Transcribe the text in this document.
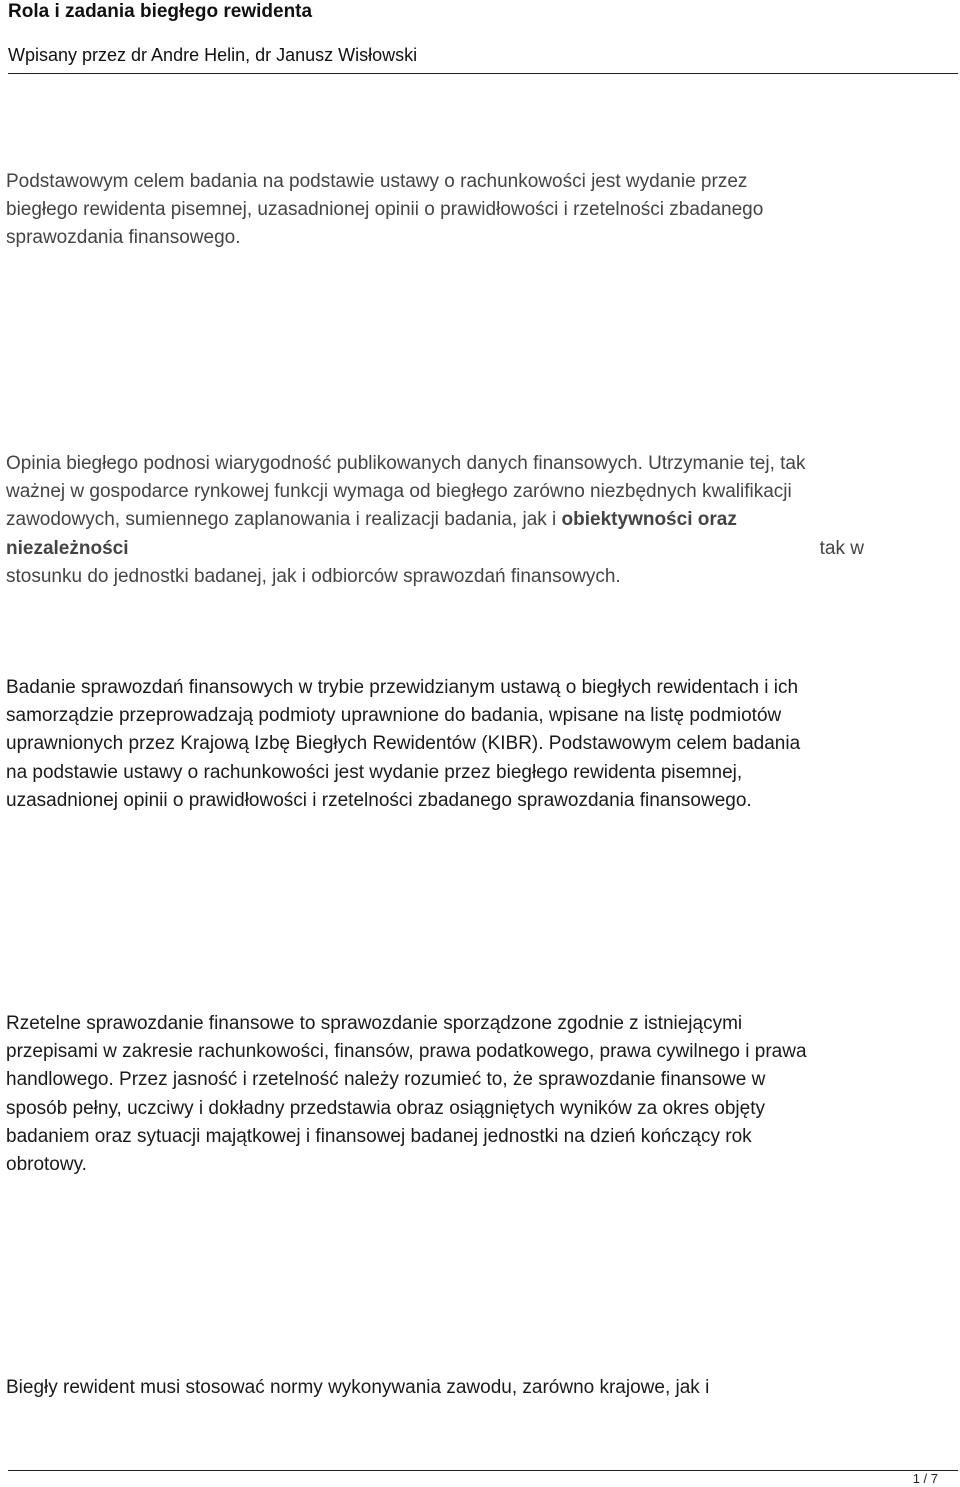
Rola i zadania biegłego rewidenta
Wpisany przez dr Andre Helin, dr Janusz Wisłowski

Podstawowym celem badania na podstawie ustawy o rachunkowości jest wydanie przez
biegłego rewidenta pisemnej, uzasadnionej opinii o prawidłowości i rzetelności zbadanego
sprawozdania finansowego.

Opinia biegłego podnosi wiarygodność publikowanych danych finansowych. Utrzymanie tej, tak
ważnej w gospodarce rynkowej funkcji wymaga od biegłego zarówno niezbędnych kwalifikacji
zawodowych, sumiennego zaplanowania i realizacji badania, jak i obiektywności oraz
niezależności	tak w
stosunku do jednostki badanej, jak i odbiorców sprawozdań finansowych.

Badanie sprawozdań finansowych w trybie przewidzianym ustawą o biegłych rewidentach i ich
samorządzie przeprowadzają podmioty uprawnione do badania, wpisane na listę podmiotów
uprawnionych przez Krajową Izbę Biegłych Rewidentów (KIBR). Podstawowym celem badania
na podstawie ustawy o rachunkowości jest wydanie przez biegłego rewidenta pisemnej,
uzasadnionej opinii o prawidłowości i rzetelności zbadanego sprawozdania finansowego.

Rzetelne sprawozdanie finansowe to sprawozdanie sporządzone zgodnie z istniejącymi
przepisami w zakresie rachunkowości, finansów, prawa podatkowego, prawa cywilnego i prawa
handlowego. Przez jasność i rzetelność należy rozumieć to, że sprawozdanie finansowe w
sposób pełny, uczciwy i dokładny przedstawia obraz osiągniętych wyników za okres objęty
badaniem oraz sytuacji majątkowej i finansowej badanej jednostki na dzień kończący rok
obrotowy.

Biegły rewident musi stosować normy wykonywania zawodu, zarówno krajowe, jak i

1 / 7
